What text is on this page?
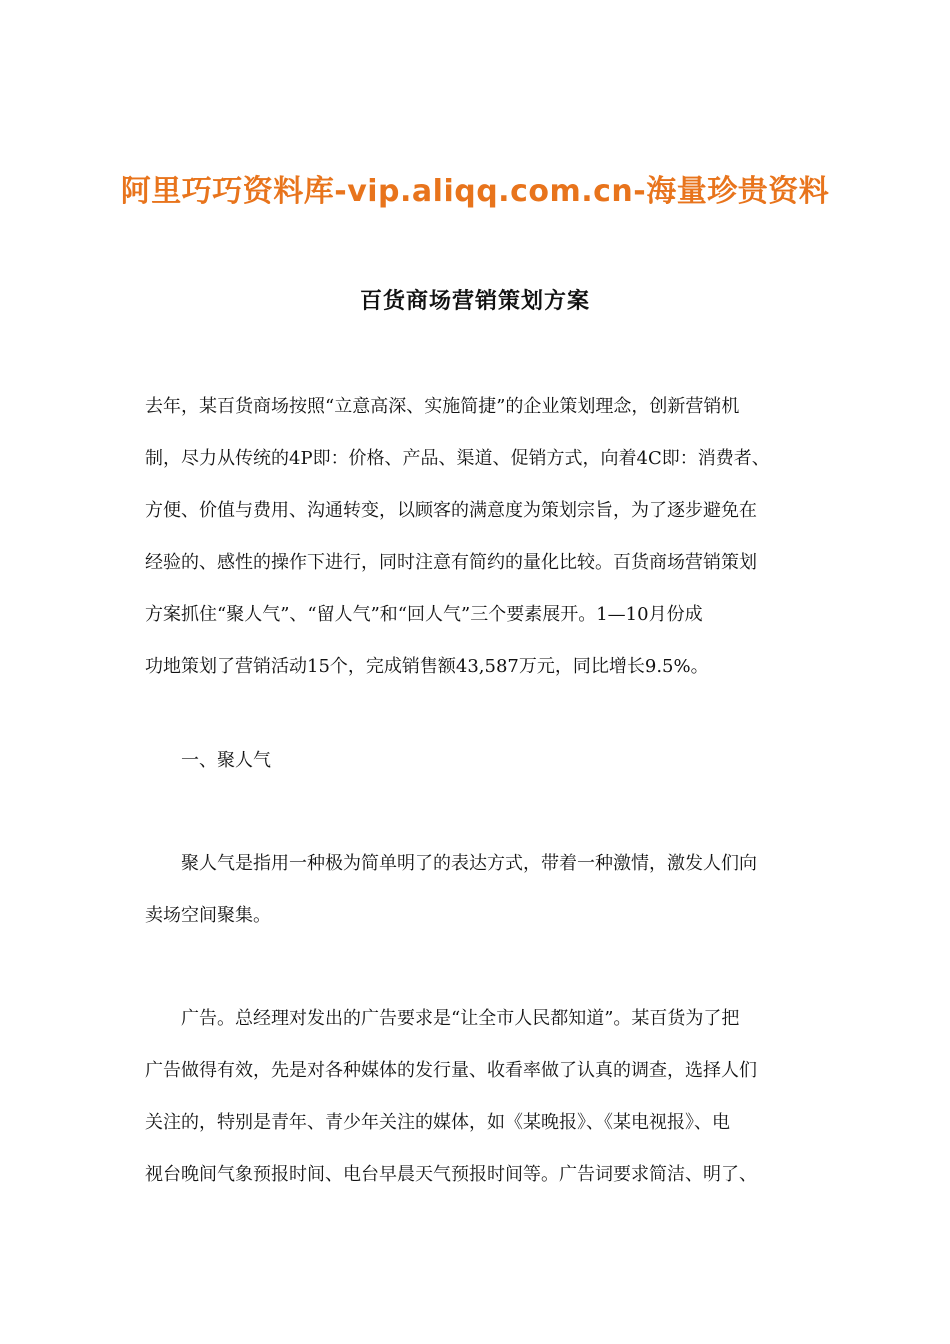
阿里巧巧资料库-vip.aliqq.com.cn-海量珍贵资料
百货商场营销策划方案
去年，某百货商场按照“立意高深、实施简捷”的企业策划理念，创新营销机
制，尽力从传统的4P即：价格、产品、渠道、促销方式，向着4C即：消费者、
方便、价值与费用、沟通转变，以顾客的满意度为策划宗旨，为了逐步避免在
经验的、感性的操作下进行，同时注意有简约的量化比较。百货商场营销策划
方案抓住“聚人气”、“留人气”和“回人气”三个要素展开。1—10月份成
功地策划了营销活动15个，完成销售额43,587万元，同比增长9.5%。
一、聚人气
聚人气是指用一种极为简单明了的表达方式，带着一种激情，激发人们向
卖场空间聚集。
广告。总经理对发出的广告要求是“让全市人民都知道”。某百货为了把
广告做得有效，先是对各种媒体的发行量、收看率做了认真的调查，选择人们
关注的，特别是青年、青少年关注的媒体，如《某晚报》、《某电视报》、电
视台晚间气象预报时间、电台早晨天气预报时间等。广告词要求简洁、明了、
